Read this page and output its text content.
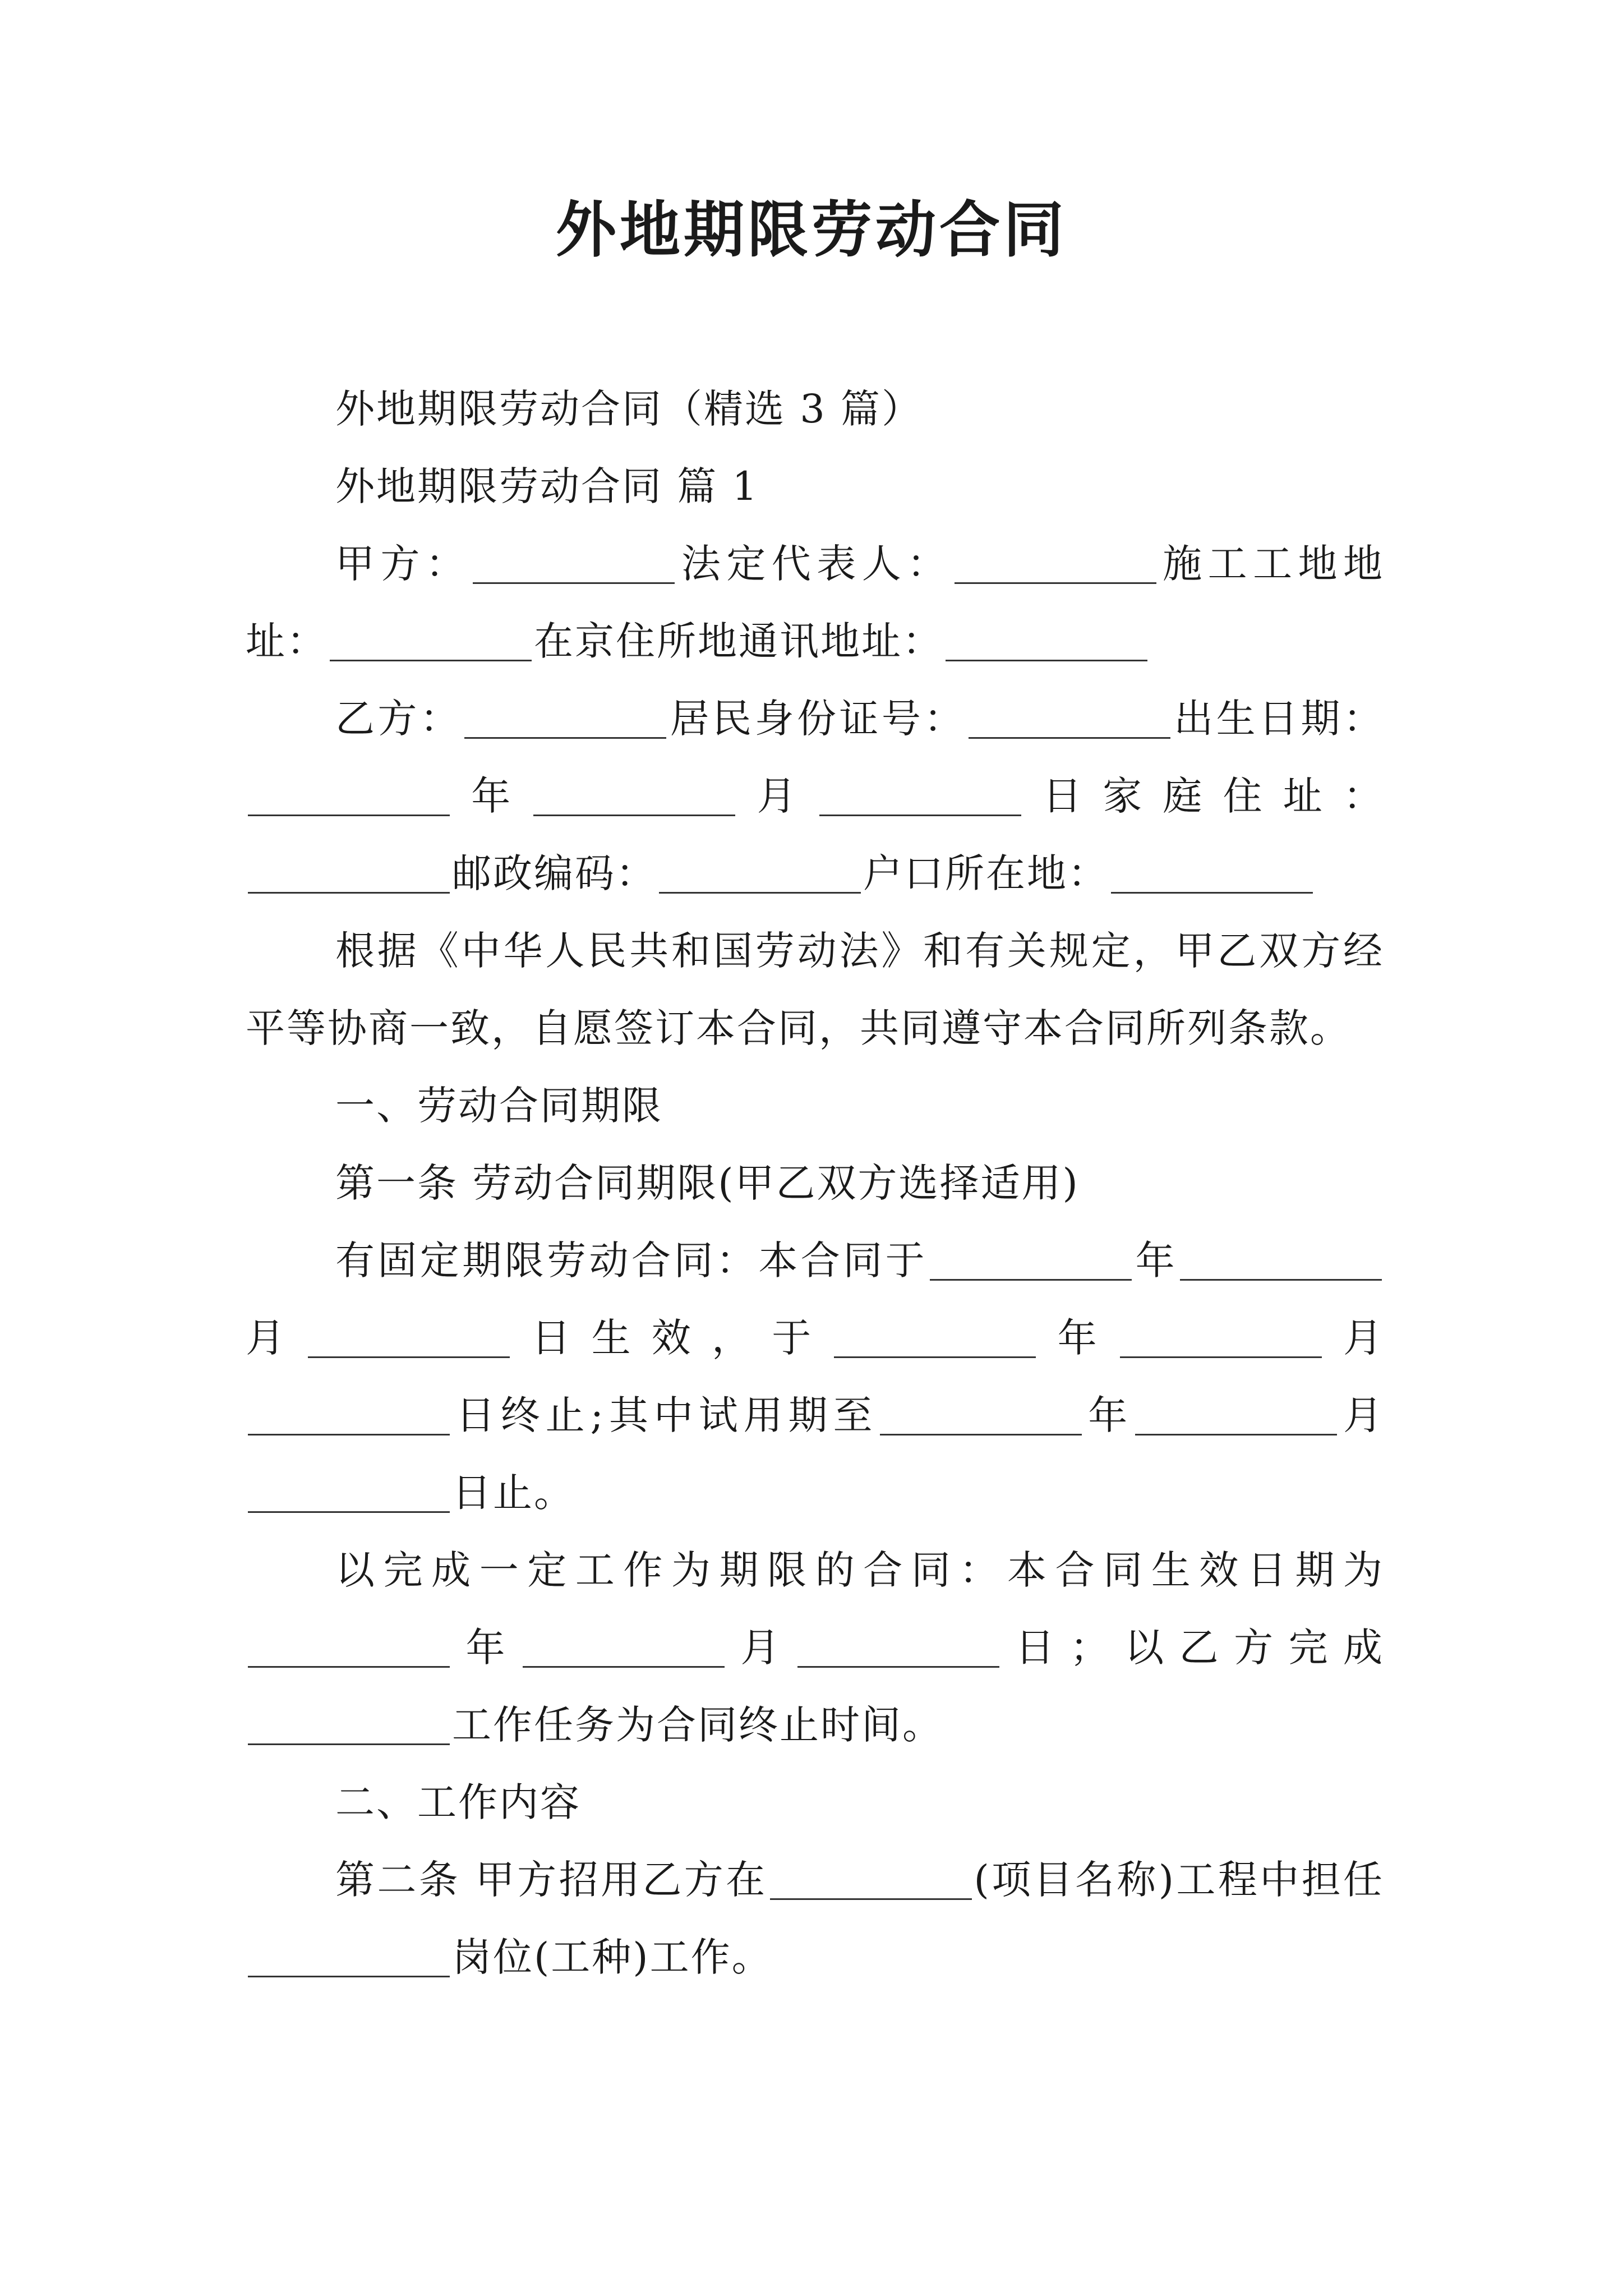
外地期限劳动合同

外地期限劳动合同（精选 3 篇）

外地期限劳动合同 篇 1

甲方：	法定代表人：	施工工地地址：	在京住所地通讯地址：

乙方：	居民身份证号：	出生日期：年	月	日家庭住址：邮政编码：	户口所在地：

根据《中华人民共和国劳动法》和有关规定，甲乙双方经平等协商一致，自愿签订本合同，共同遵守本合同所列条款。

一、劳动合同期限

第一条 劳动合同期限(甲乙双方选择适用)

有固定期限劳动合同：本合同于	年月	日生效，于	年	月日终止;其中试用期至	年	月日止。

以完成一定工作为期限的合同：本合同生效日期为年	月	日；以乙方完成工作任务为合同终止时间。

二、工作内容

第二条 甲方招用乙方在	(项目名称)工程中担任岗位(工种)工作。
